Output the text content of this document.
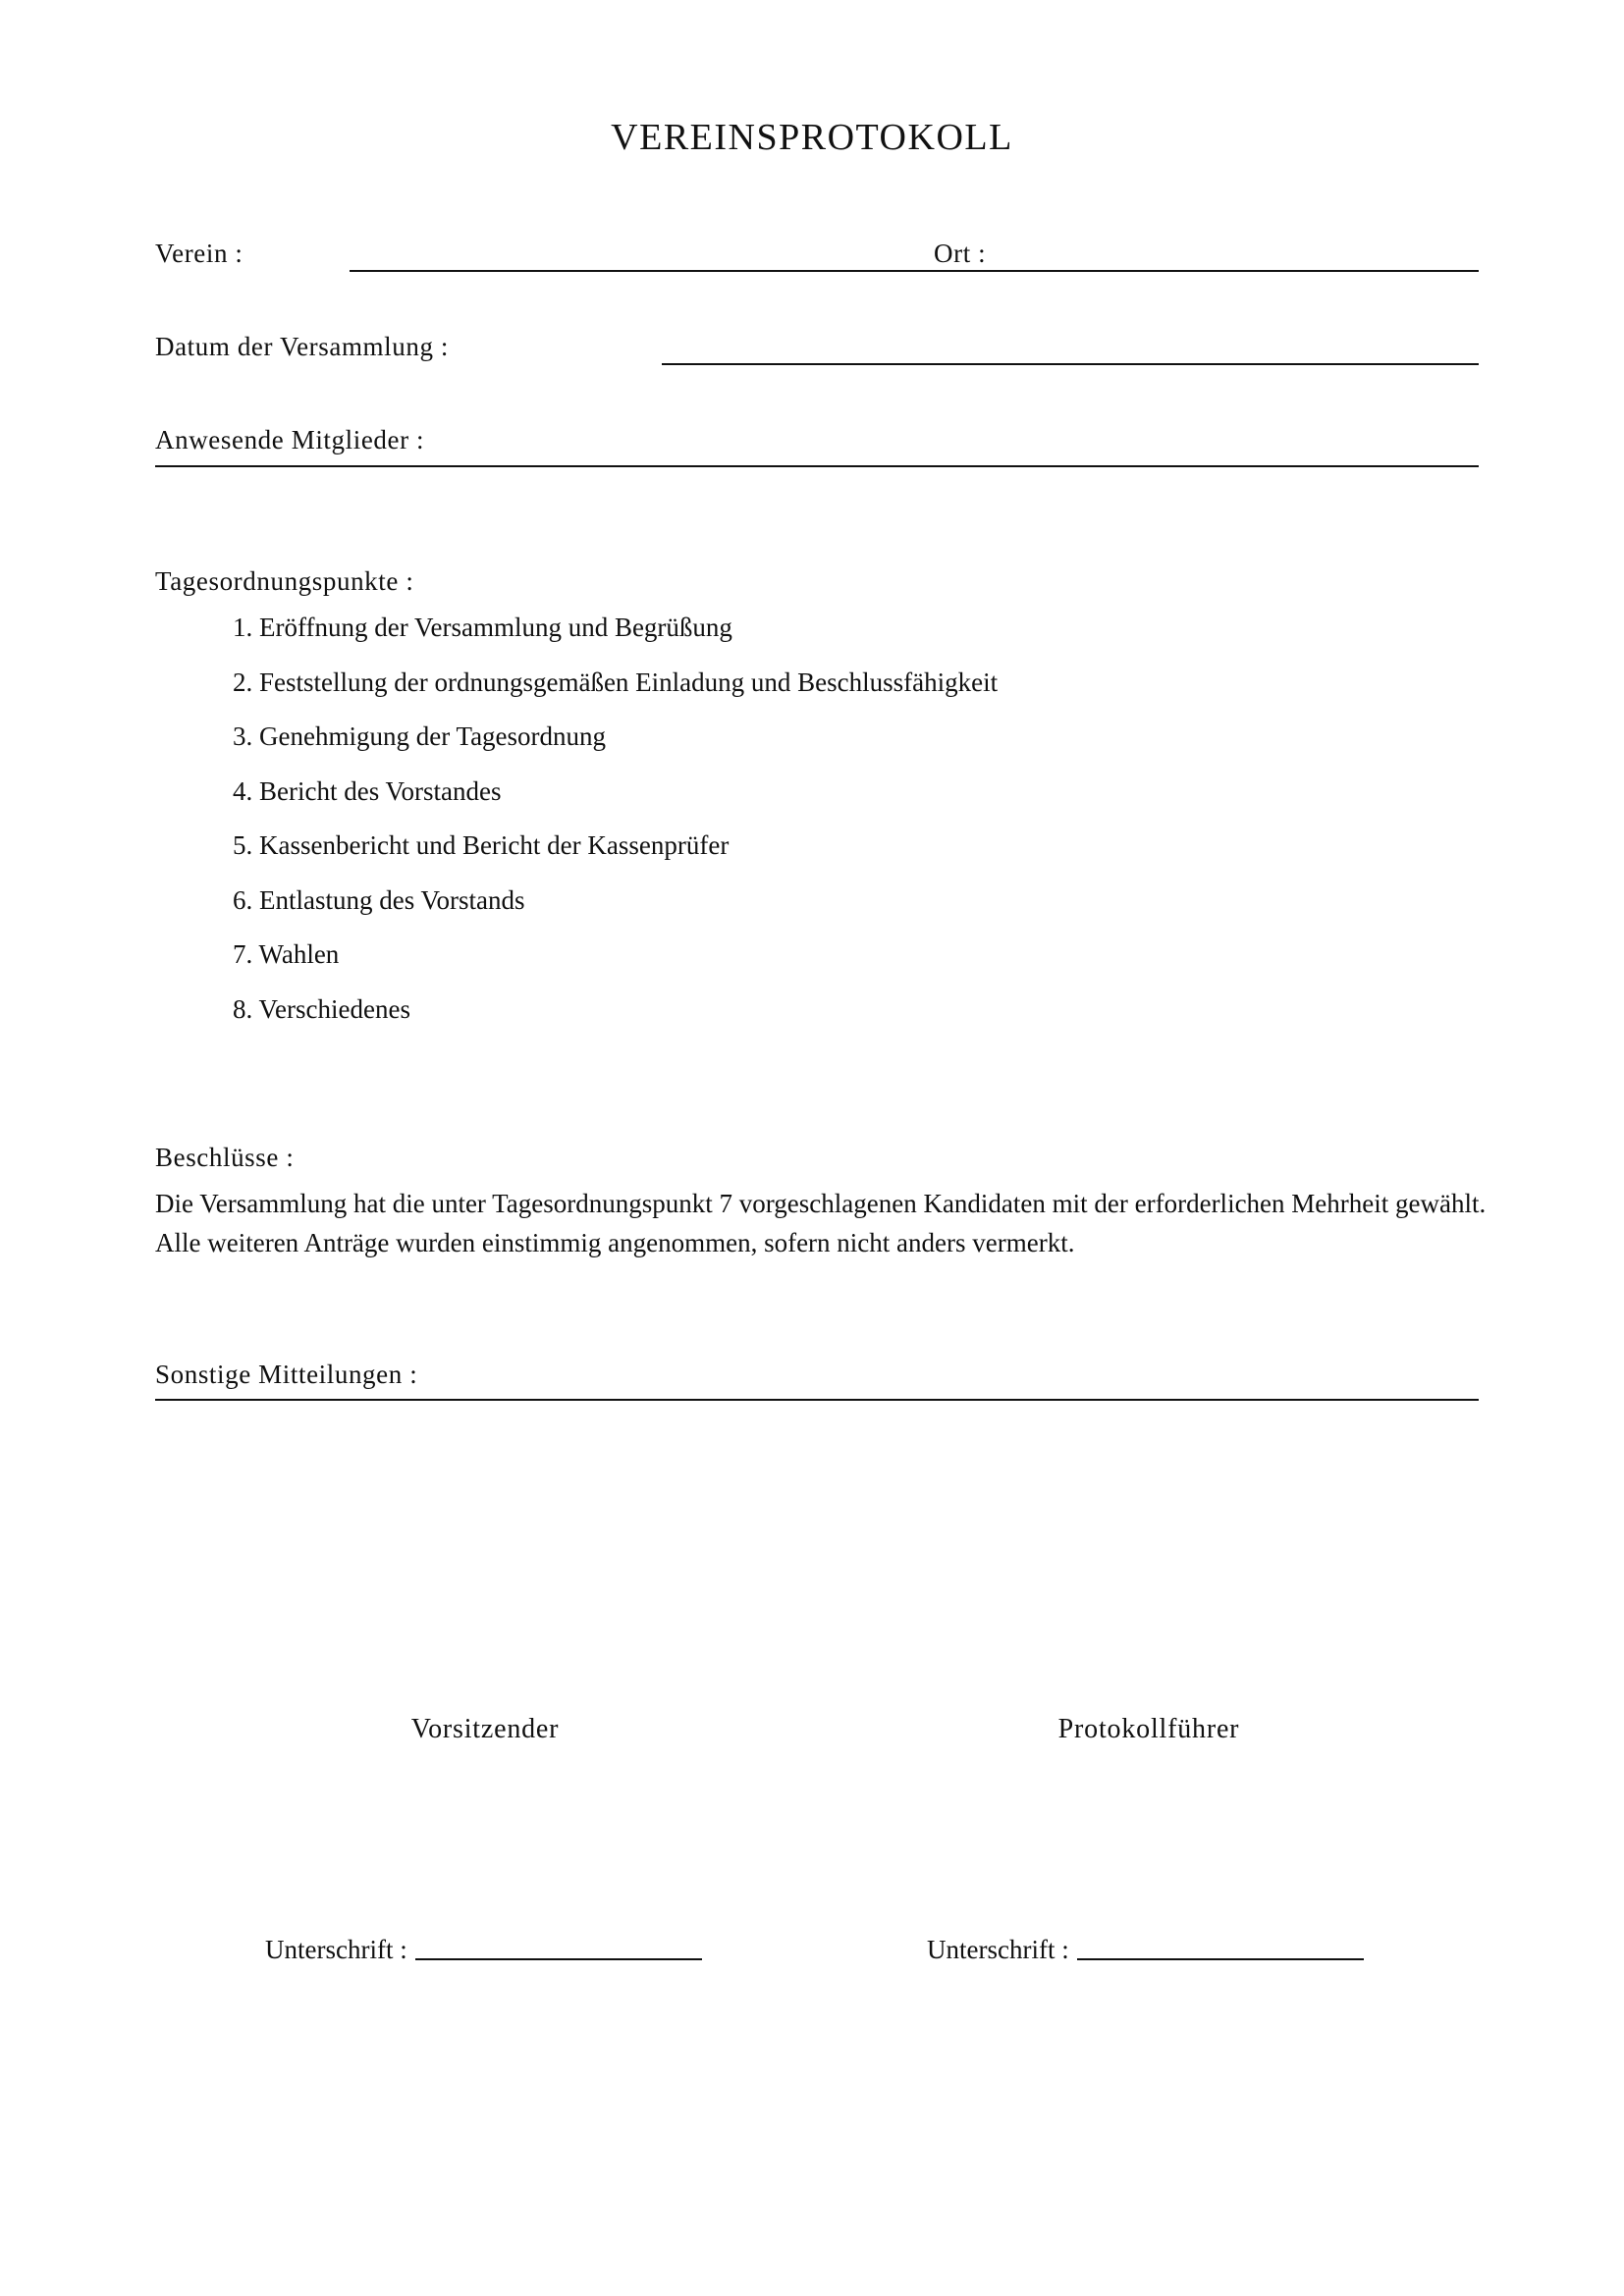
VEREINSPROTOKOLL
Verein :	Ort :
Datum der Versammlung :
Anwesende Mitglieder :
Tagesordnungspunkte :
1. Eröffnung der Versammlung und Begrüßung
2. Feststellung der ordnungsgemäßen Einladung und Beschlussfähigkeit
3. Genehmigung der Tagesordnung
4. Bericht des Vorstandes
5. Kassenbericht und Bericht der Kassenprüfer
6. Entlastung des Vorstands
7. Wahlen
8. Verschiedenes
Beschlüsse :
Die Versammlung hat die unter Tagesordnungspunkt 7 vorgeschlagenen Kandidaten mit der erforderlichen Mehrheit gewählt. Alle weiteren Anträge wurden einstimmig angenommen, sofern nicht anders vermerkt.
Sonstige Mitteilungen :
Vorsitzender	Protokollführer
Unterschrift :	Unterschrift :
